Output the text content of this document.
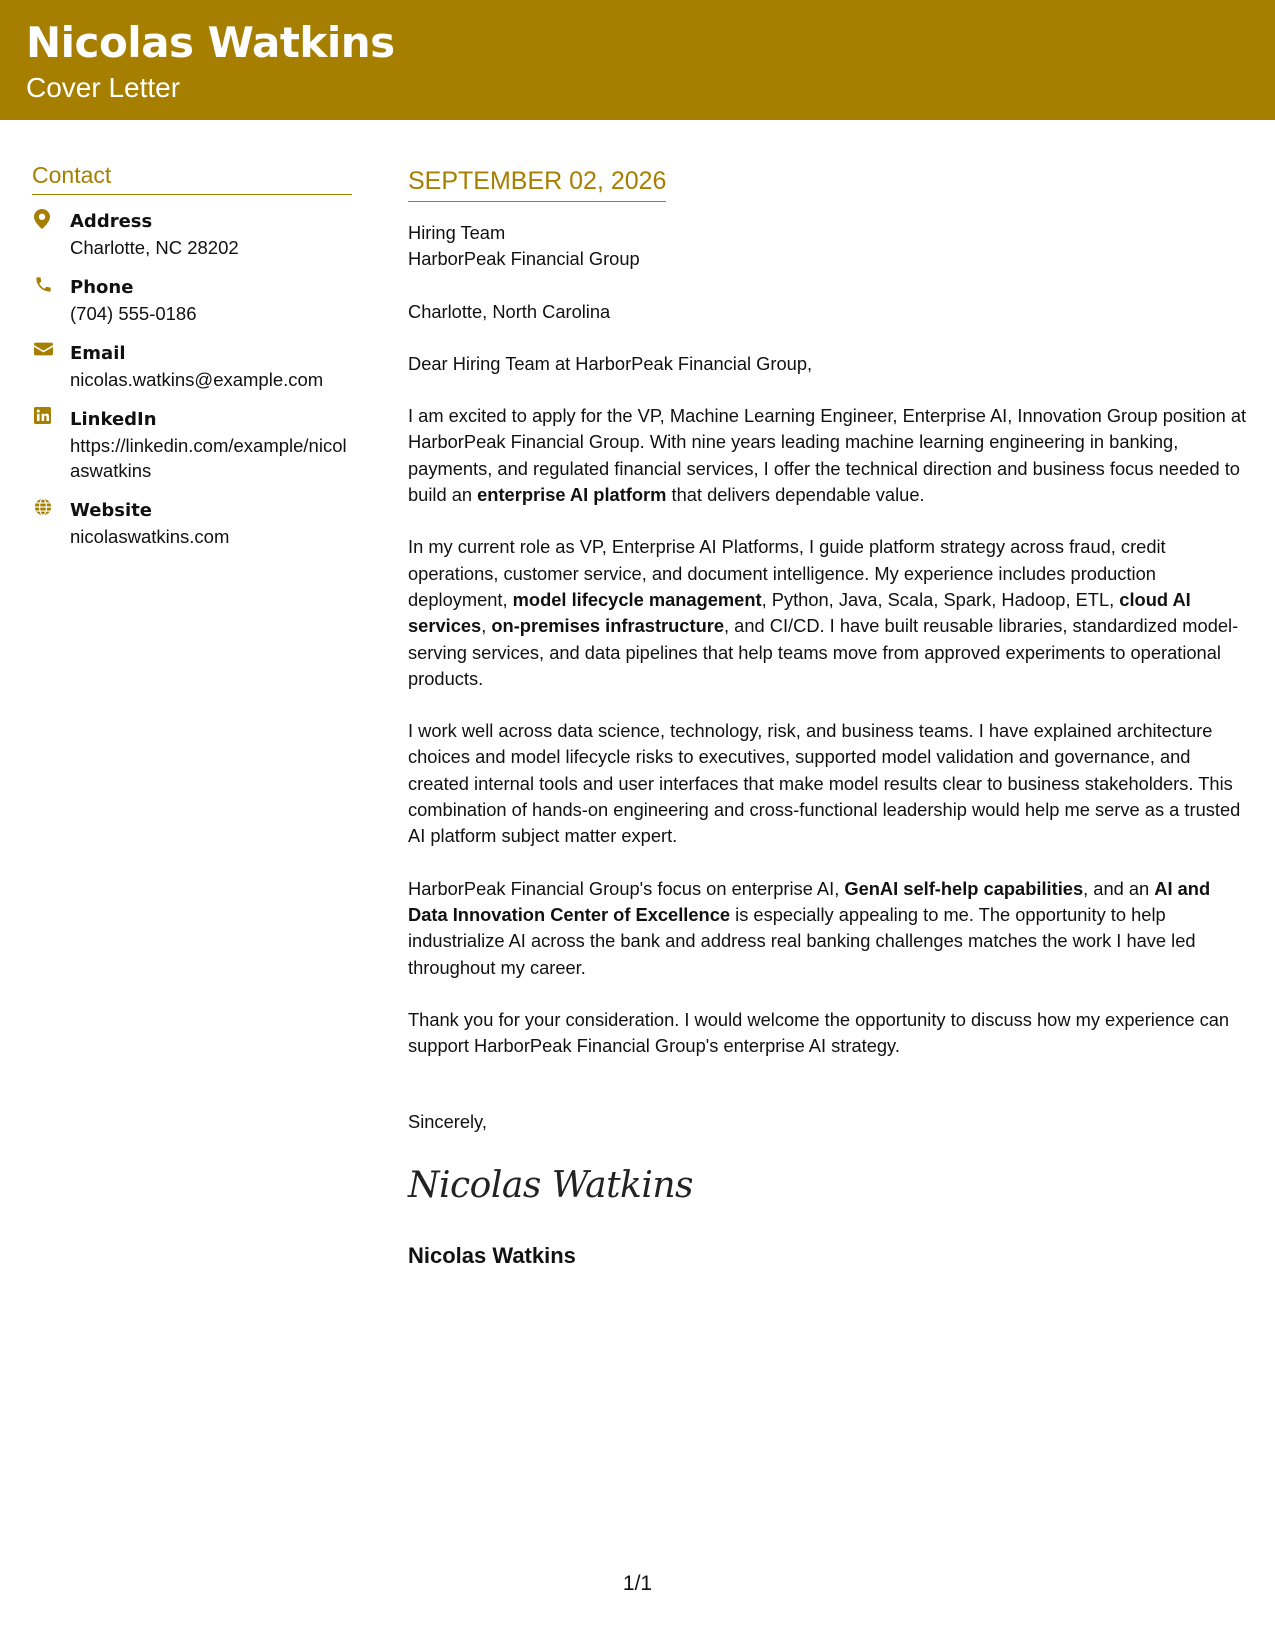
Nicolas Watkins
Cover Letter
Contact
Address
Charlotte, NC 28202
Phone
(704) 555-0186
Email
nicolas.watkins@example.com
LinkedIn
https://linkedin.com/example/nicolaswatkins
Website
nicolaswatkins.com
SEPTEMBER 02, 2026
Hiring Team
HarborPeak Financial Group
Charlotte, North Carolina
Dear Hiring Team at HarborPeak Financial Group,

I am excited to apply for the VP, Machine Learning Engineer, Enterprise AI, Innovation Group position at HarborPeak Financial Group. With nine years leading machine learning engineering in banking, payments, and regulated financial services, I offer the technical direction and business focus needed to build an enterprise AI platform that delivers dependable value.

In my current role as VP, Enterprise AI Platforms, I guide platform strategy across fraud, credit operations, customer service, and document intelligence. My experience includes production deployment, model lifecycle management, Python, Java, Scala, Spark, Hadoop, ETL, cloud AI services, on-premises infrastructure, and CI/CD. I have built reusable libraries, standardized model-serving services, and data pipelines that help teams move from approved experiments to operational products.

I work well across data science, technology, risk, and business teams. I have explained architecture choices and model lifecycle risks to executives, supported model validation and governance, and created internal tools and user interfaces that make model results clear to business stakeholders. This combination of hands-on engineering and cross-functional leadership would help me serve as a trusted AI platform subject matter expert.

HarborPeak Financial Group's focus on enterprise AI, GenAI self-help capabilities, and an AI and Data Innovation Center of Excellence is especially appealing to me. The opportunity to help industrialize AI across the bank and address real banking challenges matches the work I have led throughout my career.

Thank you for your consideration. I would welcome the opportunity to discuss how my experience can support HarborPeak Financial Group's enterprise AI strategy.

Sincerely,
Nicolas Watkins
Nicolas Watkins
1/1
